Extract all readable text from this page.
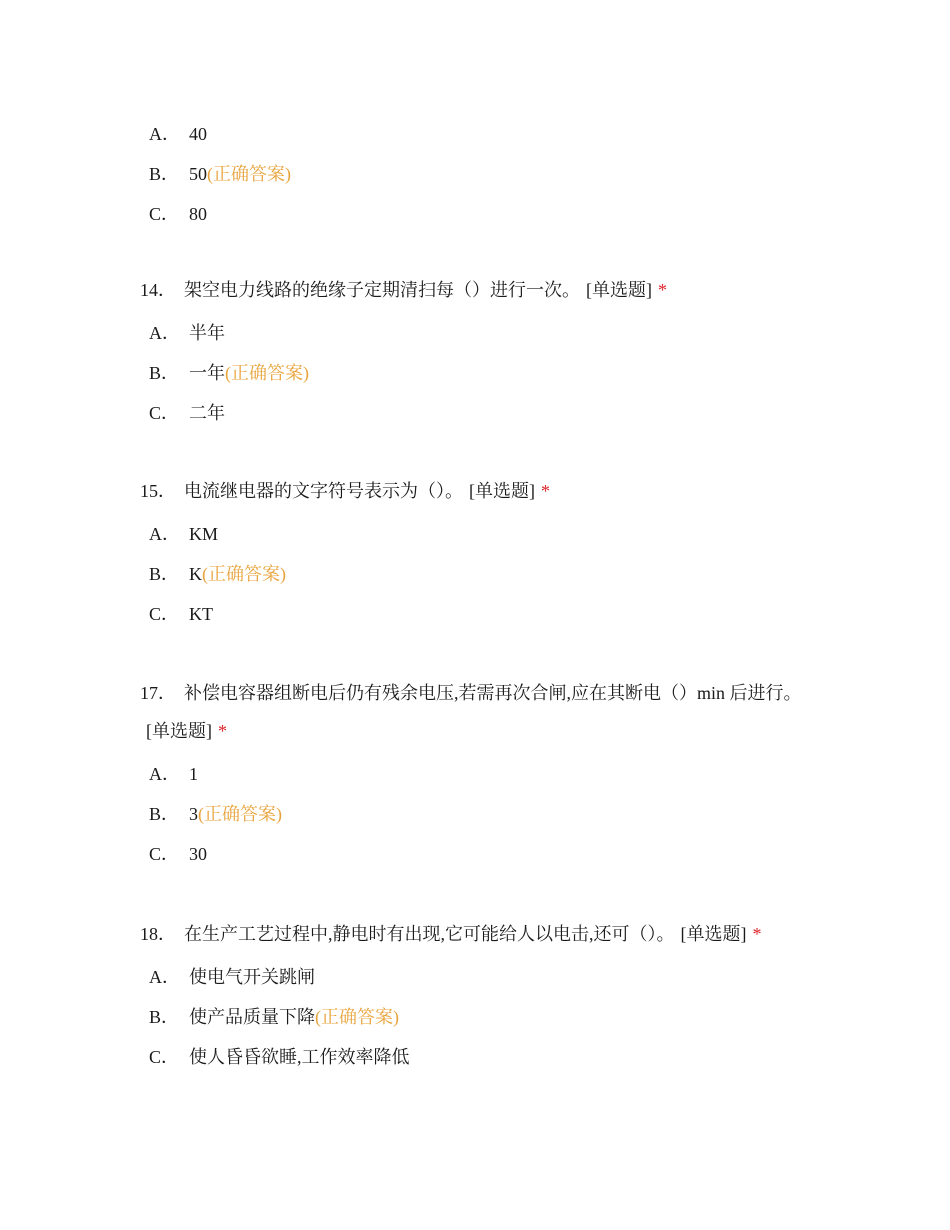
A． 40
B． 50(正确答案)
C． 80
14． 架空电力线路的绝缘子定期清扫每（）进行一次。 [单选题] *
A． 半年
B． 一年(正确答案)
C． 二年
15． 电流继电器的文字符号表示为（）。 [单选题] *
A． KM
B． K(正确答案)
C． KT
17． 补偿电容器组断电后仍有残余电压,若需再次合闸,应在其断电（）min 后进行。[单选题] *
A． 1
B． 3(正确答案)
C． 30
18． 在生产工艺过程中,静电时有出现,它可能给人以电击,还可（）。 [单选题] *
A． 使电气开关跳闸
B． 使产品质量下降(正确答案)
C． 使人昏昏欲睡,工作效率降低
